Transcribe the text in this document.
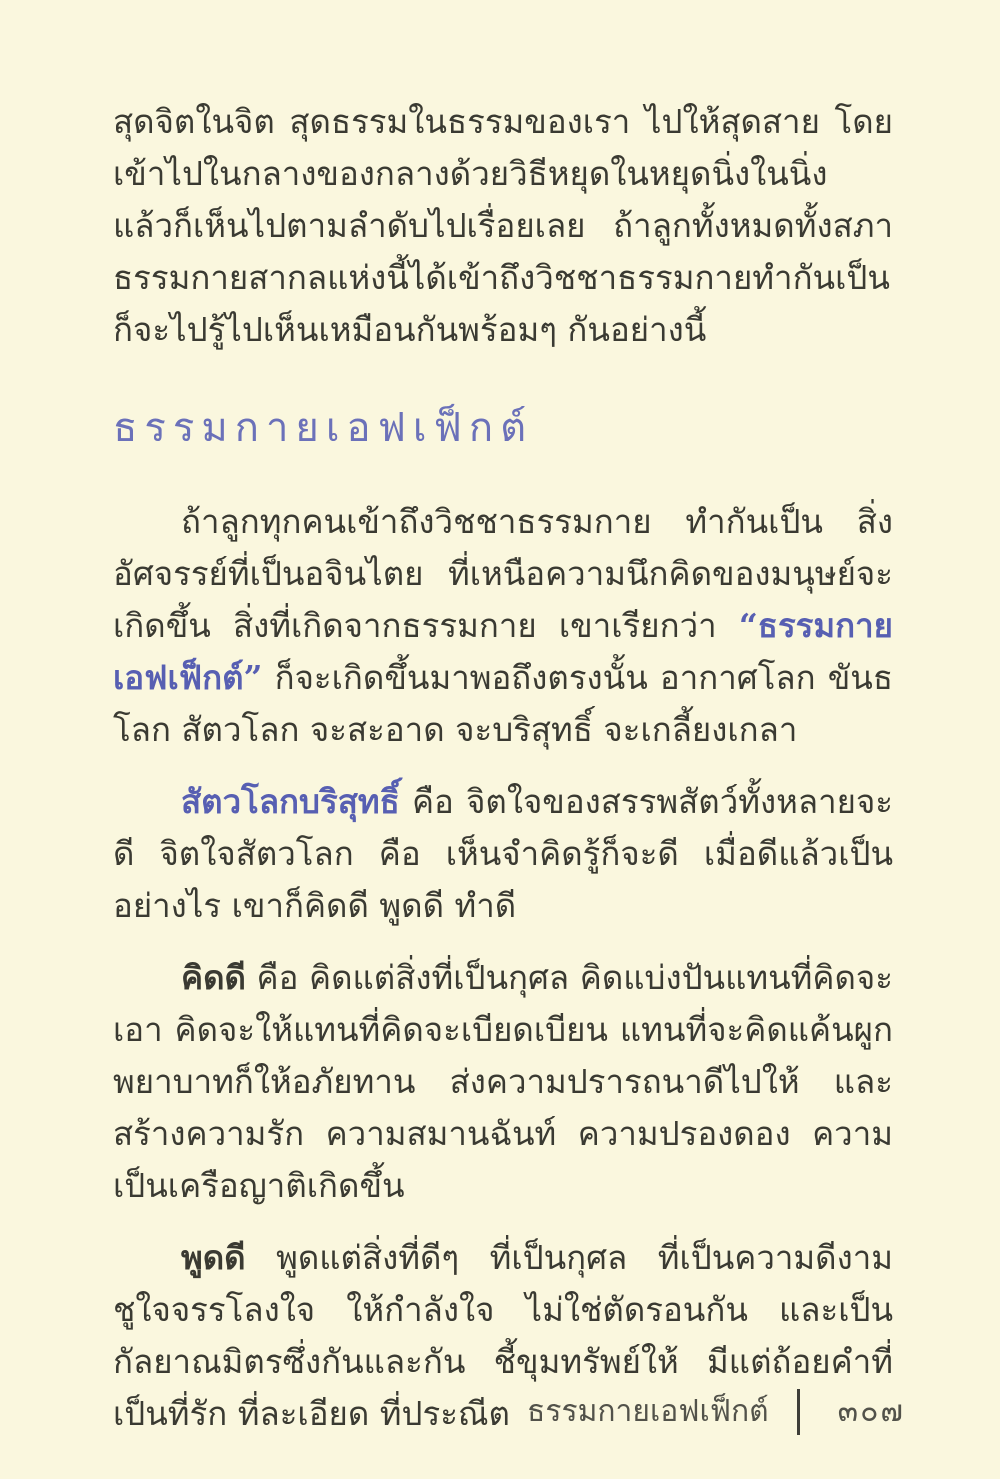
สุดจิตในจิต สุดธรรมในธรรมของเรา ไปให้สุดสาย โดยเข้าไปในกลางของกลางด้วยวิธีหยุดในหยุดนิ่งในนิ่ง แล้วก็เห็นไปตามลำดับไปเรื่อยเลย ถ้าลูกทั้งหมดทั้งสภาธรรมกายสากลแห่งนี้ได้เข้าถึงวิชชาธรรมกายทำกันเป็น ก็จะไปรู้ไปเห็นเหมือนกันพร้อมๆ กันอย่างนี้

ธรรมกายเอฟเฟ็กต์

ถ้าลูกทุกคนเข้าถึงวิชชาธรรมกาย ทำกันเป็น สิ่งอัศจรรย์ที่เป็นอจินไตย ที่เหนือความนึกคิดของมนุษย์จะเกิดขึ้น สิ่งที่เกิดจากธรรมกาย เขาเรียกว่า “ธรรมกายเอฟเฟ็กต์” ก็จะเกิดขึ้นมาพอถึงตรงนั้น อากาศโลก ขันธโลก สัตวโลก จะสะอาด จะบริสุทธิ์ จะเกลี้ยงเกลา

สัตวโลกบริสุทธิ์ คือ จิตใจของสรรพสัตว์ทั้งหลายจะดี จิตใจสัตวโลก คือ เห็นจำคิดรู้ก็จะดี เมื่อดีแล้วเป็นอย่างไร เขาก็คิดดี พูดดี ทำดี

คิดดี คือ คิดแต่สิ่งที่เป็นกุศล คิดแบ่งปันแทนที่คิดจะเอา คิดจะให้แทนที่คิดจะเบียดเบียน แทนที่จะคิดแค้นผูกพยาบาทก็ให้อภัยทาน ส่งความปรารถนาดีไปให้ และสร้างความรัก ความสมานฉันท์ ความปรองดอง ความเป็นเครือญาติเกิดขึ้น

พูดดี พูดแต่สิ่งที่ดีๆ ที่เป็นกุศล ที่เป็นความดีงาม ชูใจจรรโลงใจ ให้กำลังใจ ไม่ใช่ตัดรอนกัน และเป็นกัลยาณมิตรซึ่งกันและกัน ชี้ขุมทรัพย์ให้ มีแต่ถ้อยคำที่เป็นที่รัก ที่ละเอียด ที่ประณีต ธรรมกายเอฟเฟ็กต์ ๓๐๗
